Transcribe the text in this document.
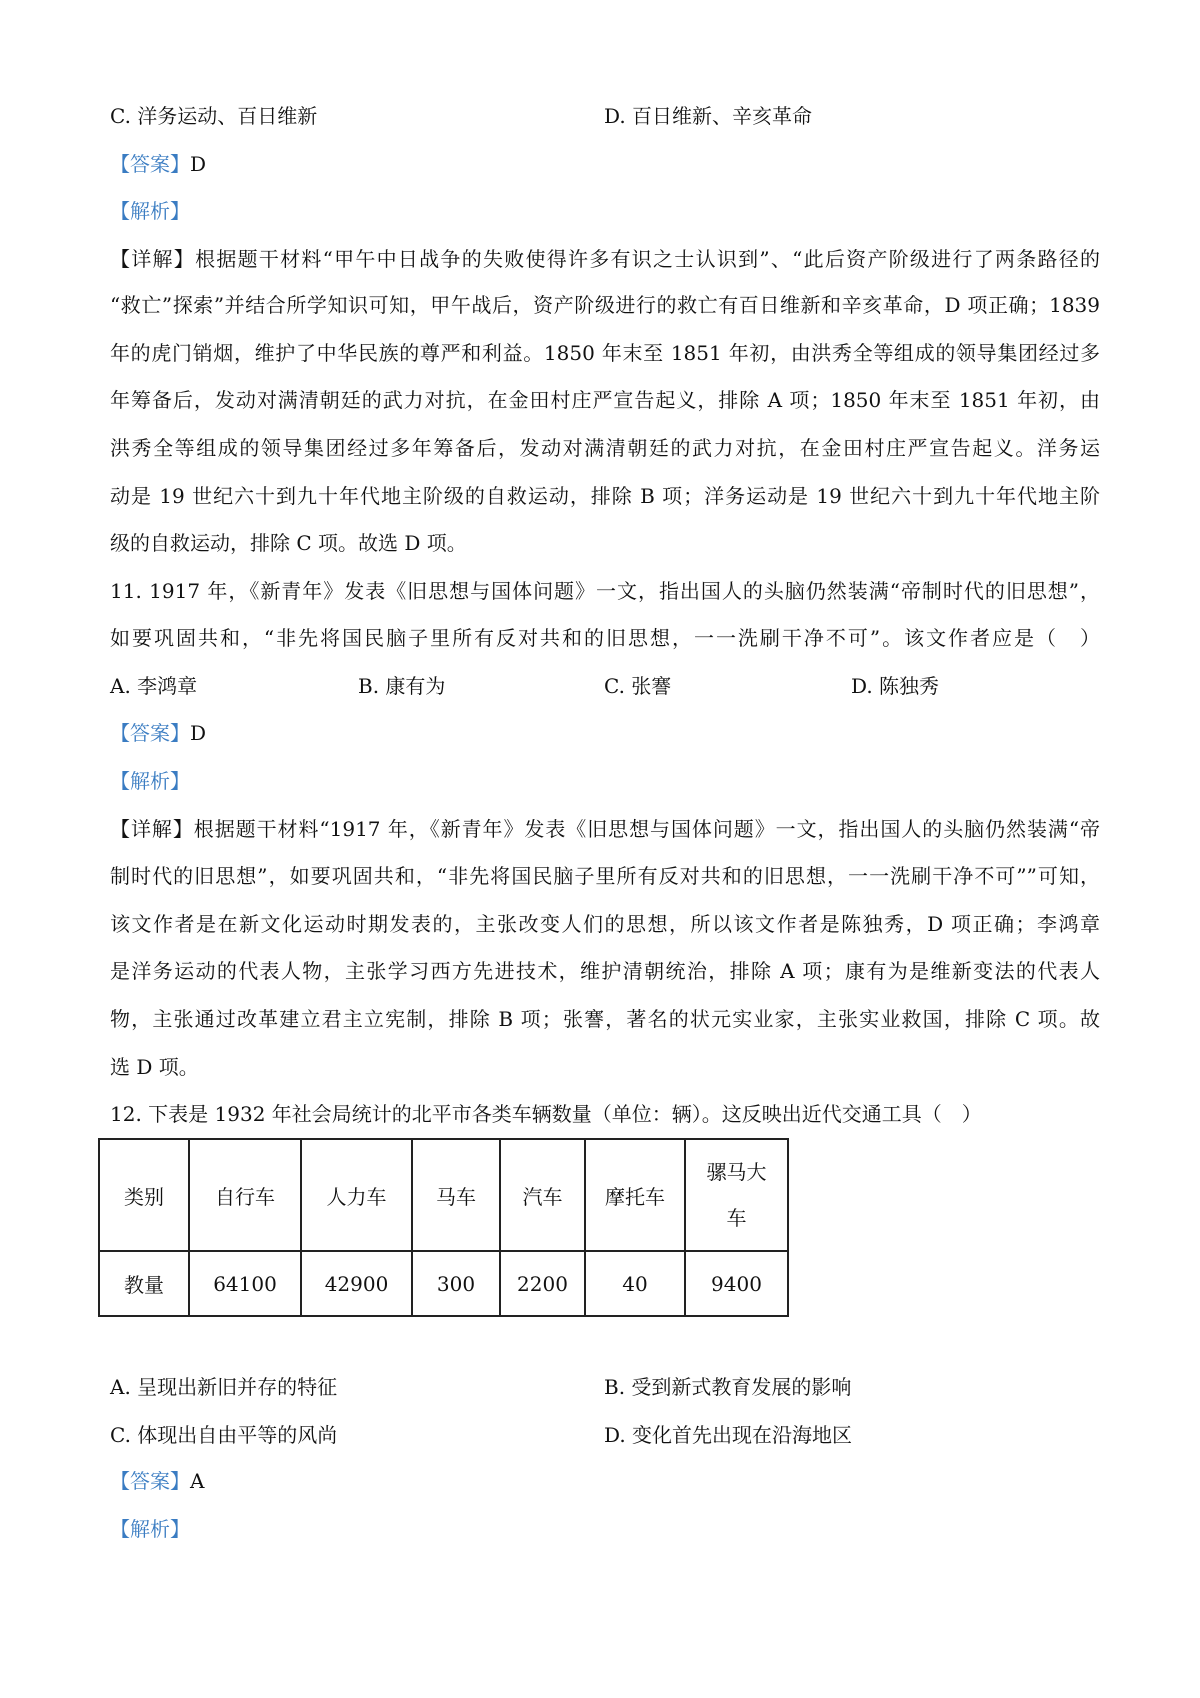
C. 洋务运动、百日维新	D. 百日维新、辛亥革命
【答案】D
【解析】
【详解】根据题干材料“甲午中日战争的失败使得许多有识之士认识到”、“此后资产阶级进行了两条路径的
“救亡”探索”并结合所学知识可知，甲午战后，资产阶级进行的救亡有百日维新和辛亥革命，D 项正确；1839
年的虎门销烟，维护了中华民族的尊严和利益。1850 年末至 1851 年初，由洪秀全等组成的领导集团经过多
年筹备后，发动对满清朝廷的武力对抗，在金田村庄严宣告起义，排除 A 项；1850 年末至 1851 年初，由
洪秀全等组成的领导集团经过多年筹备后，发动对满清朝廷的武力对抗，在金田村庄严宣告起义。洋务运
动是 19 世纪六十到九十年代地主阶级的自救运动，排除 B 项；洋务运动是 19 世纪六十到九十年代地主阶
级的自救运动，排除 C 项。故选 D 项。
11. 1917 年，《新青年》发表《旧思想与国体问题》一文，指出国人的头脑仍然装满“帝制时代的旧思想”，
如要巩固共和，“非先将国民脑子里所有反对共和的旧思想，一一洗刷干净不可”。该文作者应是（　）
A. 李鸿章	B. 康有为	C. 张謇	D. 陈独秀
【答案】D
【解析】
【详解】根据题干材料“1917 年，《新青年》发表《旧思想与国体问题》一文，指出国人的头脑仍然装满“帝
制时代的旧思想”，如要巩固共和，“非先将国民脑子里所有反对共和的旧思想，一一洗刷干净不可””可知，
该文作者是在新文化运动时期发表的，主张改变人们的思想，所以该文作者是陈独秀，D 项正确；李鸿章
是洋务运动的代表人物，主张学习西方先进技术，维护清朝统治，排除 A 项；康有为是维新变法的代表人
物，主张通过改革建立君主立宪制，排除 B 项；张謇，著名的状元实业家，主张实业救国，排除 C 项。故
选 D 项。
12. 下表是 1932 年社会局统计的北平市各类车辆数量（单位：辆）。这反映出近代交通工具（　）
类别	自行车	人力车	马车	汽车	摩托车	骡马大车
教量	64100	42900	300	2200	40	9400
A. 呈现出新旧并存的特征	B. 受到新式教育发展的影响
C. 体现出自由平等的风尚	D. 变化首先出现在沿海地区
【答案】A
【解析】
